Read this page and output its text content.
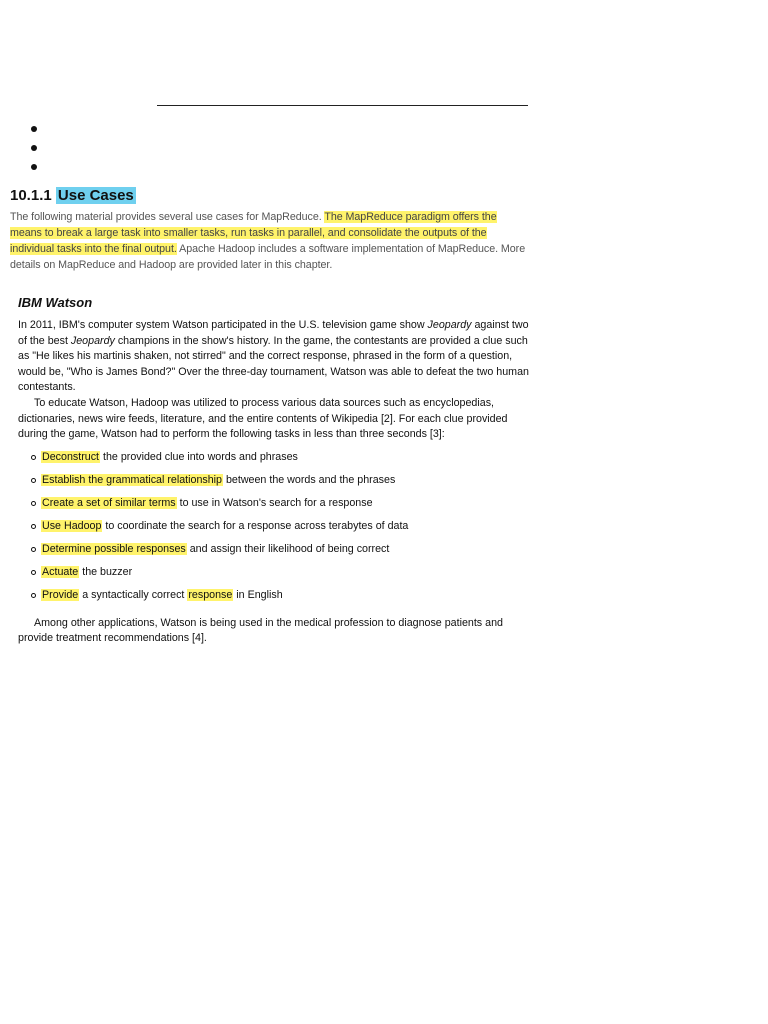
10.1.1 Use Cases

The following material provides several use cases for MapReduce. The MapReduce paradigm offers the means to break a large task into smaller tasks, run tasks in parallel, and consolidate the outputs of the individual tasks into the final output. Apache Hadoop includes a software implementation of MapReduce. More details on MapReduce and Hadoop are provided later in this chapter.

IBM Watson

In 2011, IBM's computer system Watson participated in the U.S. television game show Jeopardy against two of the best Jeopardy champions in the show's history. In the game, the contestants are provided a clue such as "He likes his martinis shaken, not stirred" and the correct response, phrased in the form of a question, would be, "Who is James Bond?" Over the three-day tournament, Watson was able to defeat the two human contestants.

To educate Watson, Hadoop was utilized to process various data sources such as encyclopedias, dictionaries, news wire feeds, literature, and the entire contents of Wikipedia [2]. For each clue provided during the game, Watson had to perform the following tasks in less than three seconds [3]:

Deconstruct the provided clue into words and phrases
Establish the grammatical relationship between the words and the phrases
Create a set of similar terms to use in Watson's search for a response
Use Hadoop to coordinate the search for a response across terabytes of data
Determine possible responses and assign their likelihood of being correct
Actuate the buzzer
Provide a syntactically correct response in English

Among other applications, Watson is being used in the medical profession to diagnose patients and provide treatment recommendations [4].
